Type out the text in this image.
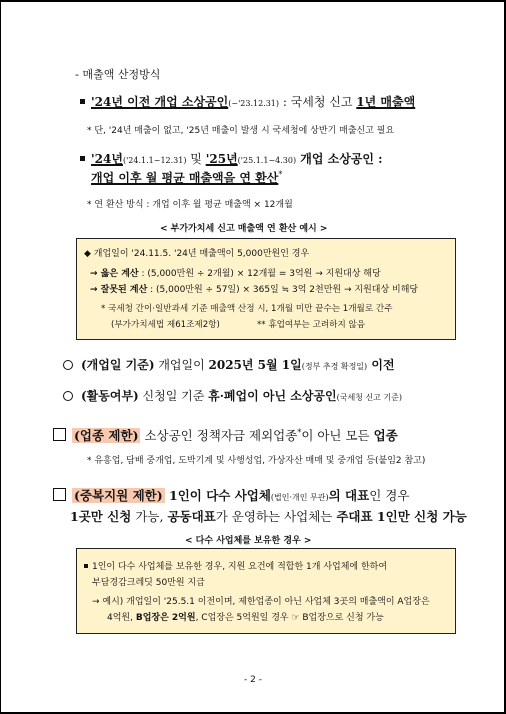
- 매출액 산정방식
'24년 이전 개업 소상공인(~'23.12.31) : 국세청 신고 1년 매출액
* 단, '24년 매출이 없고, '25년 매출이 발생 시 국세청에 상반기 매출신고 필요
'24년('24.1.1~12.31) 및 '25년('25.1.1~4.30) 개업 소상공인 :
개업 이후 월 평균 매출액을 연 환산*
* 연 환산 방식 : 개업 이후 월 평균 매출액 × 12개월
< 부가가치세 신고 매출액 연 환산 예시 >
◆ 개업일이 '24.11.5. '24년 매출액이 5,000만원인 경우
→ 옳은 계산 : (5,000만원 ÷ 2개월) × 12개월 = 3억원 → 지원대상 해당
→ 잘못된 계산 : (5,000만원 ÷ 57일) × 365일 ≒ 3억 2천만원 → 지원대상 비해당
* 국세청 간이·일반과세 기준 매출액 산정 시, 1개월 미만 끝수는 1개월로 간주
(부가가치세법 제61조제2항)	** 휴업여부는 고려하지 않음
(개업일 기준) 개업일이 2025년 5월 1일(정부 추경 확정일) 이전
(활동여부) 신청일 기준 휴·폐업이 아닌 소상공인(국세청 신고 기준)
(업종 제한) 소상공인 정책자금 제외업종*이 아닌 모든 업종
* 유흥업, 담배 중개업, 도박기계 및 사행성업, 가상자산 매매 및 중개업 등(붙임2 참고)
(중복지원 제한) 1인이 다수 사업체(법인·개인 무관)의 대표인 경우
1곳만 신청 가능, 공동대표가 운영하는 사업체는 주대표 1인만 신청 가능
< 다수 사업체를 보유한 경우 >
1인이 다수 사업체를 보유한 경우, 지원 요건에 적합한 1개 사업체에 한하여
부담경감크레딧 50만원 지급
→ 예시) 개업일이 '25.5.1 이전이며, 제한업종이 아닌 사업체 3곳의 매출액이 A업장은
4억원, B업장은 2억원, C업장은 5억원일 경우 ☞ B업장으로 신청 가능
- 2 -
